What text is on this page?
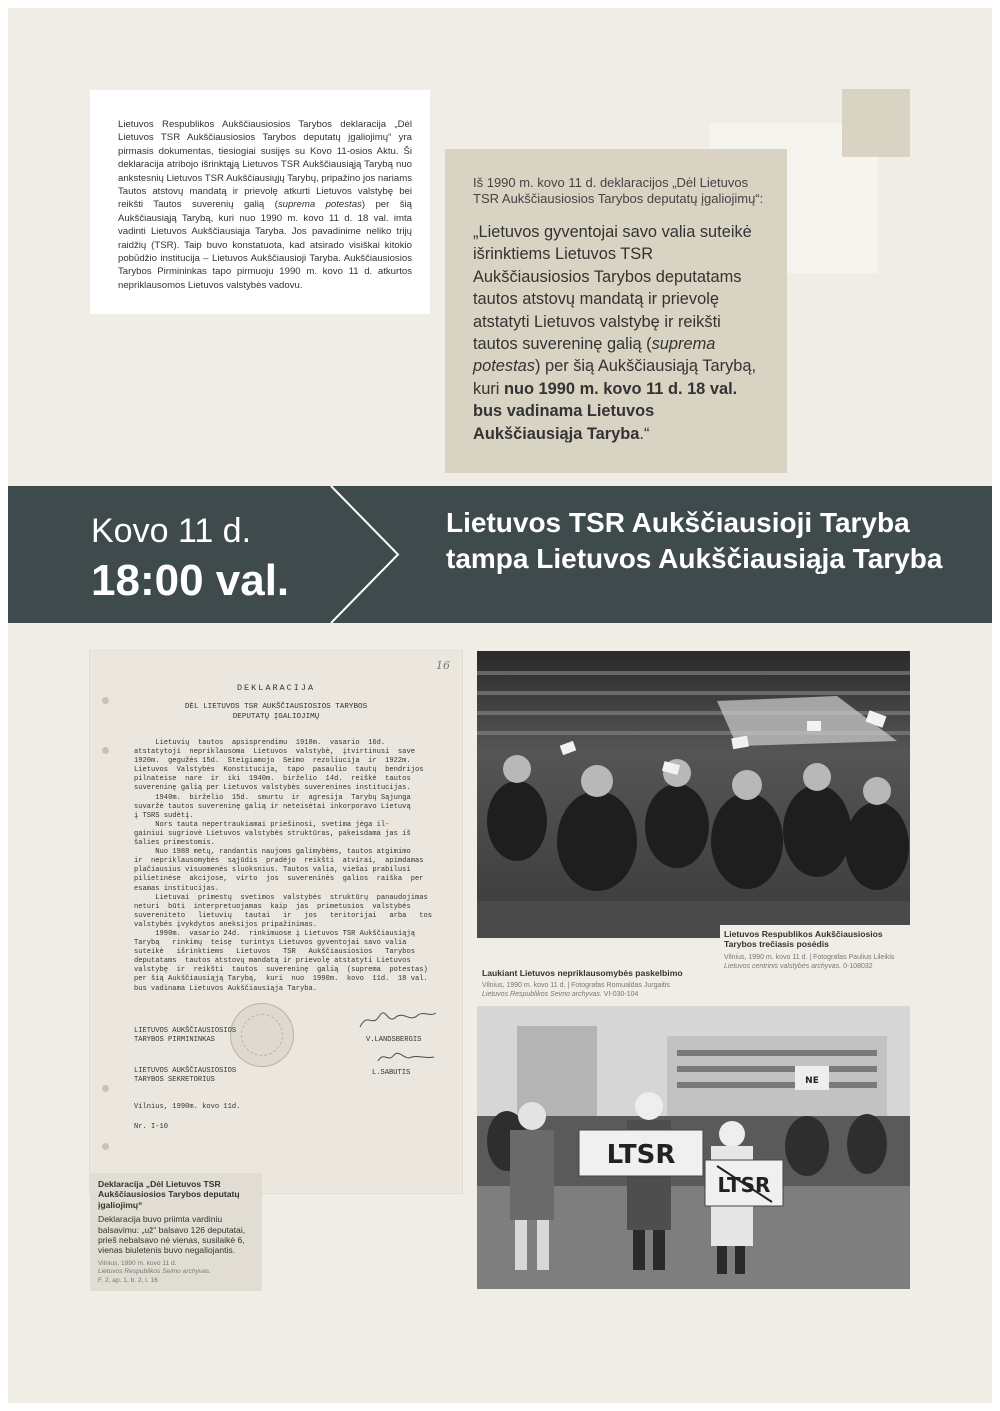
Lietuvos Respublikos Aukščiausiosios Tarybos deklaracija „Dėl Lietuvos TSR Aukščiausiosios Tarybos deputatų įgaliojimų“ yra pirmasis dokumentas, tiesiogiai susijęs su Kovo 11-osios Aktu. Ši deklaracija atribojo išrinktąją Lietuvos TSR Aukščiausiąją Tarybą nuo ankstesnių Lietuvos TSR Aukščiausiųjų Tarybų, pripažino jos nariams Tautos atstovų mandatą ir prievolę atkurti Lietuvos valstybę bei reikšti Tautos suverenių galią (suprema potestas) per šią Aukščiausiąją Tarybą, kuri nuo 1990 m. kovo 11 d. 18 val. imta vadinti Lietuvos Aukščiausiąja Taryba. Jos pavadinime neliko trijų raidžių (TSR). Taip buvo konstatuota, kad atsirado visiškai kitokio pobūdžio institucija – Lietuvos Aukščiausioji Taryba. Aukščiausiosios Tarybos Pirmininkas tapo pirmuoju 1990 m. kovo 11 d. atkurtos nepriklausomos Lietuvos valstybės vadovu.

Iš 1990 m. kovo 11 d. deklaracijos „Dėl Lietuvos TSR Aukščiausiosios Tarybos deputatų įgaliojimų“:

„Lietuvos gyventojai savo valia suteikė išrinktiems Lietuvos TSR Aukščiausiosios Tarybos deputatams tautos atstovų mandatą ir prievolę atstatyti Lietuvos valstybę ir reikšti tautos suvereninę galią (suprema potestas) per šią Aukščiausiąją Tarybą, kuri nuo 1990 m. kovo 11 d. 18 val. bus vadinama Lietuvos Aukščiausiąja Taryba.“

Kovo 11 d.
18:00 val.
Lietuvos TSR Aukščiausioji Taryba tampa Lietuvos Aukščiausiąja Taryba
16
DEKLARACIJA
DĖL LIETUVOS TSR AUKŠČIAUSIOSIOS TARYBOS
DEPUTATŲ ĮGALIOJIMŲ
Lietuvių  tautos  apsisprendimu  1918m.  vasario  16d.
atstatytoji  nepriklausoma  Lietuvos  valstybė,  įtvirtinusi  save
1920m.  gegužės 15d.  Steigiamojo  Seimo  rezoliucija  ir  1922m.
Lietuvos  Valstybės  Konstitucija,  tapo  pasaulio  tautų  bendrijos
pilnateise  nare  ir  iki  1940m.  birželio  14d.  reiškė  tautos
suvereninę galią per Lietuvos valstybės suverenines institucijas.
1940m.  birželio  15d.  smurtu  ir  agresija  Tarybų Sąjunga
suvaržė tautos suvereninę galią ir neteisėtai inkorporavo Lietuvą
į TSRS sudėtį.
Nors tauta nepertraukiamai priešinosi, svetima jėga il-
gainiui sugriovė Lietuvos valstybės struktūras, pakeisdama jas iš
šalies primestomis.
Nuo 1988 metų, randantis naujoms galimybėms, tautos atgimimo
ir  nepriklausomybės  sąjūdis  pradėjo  reikšti  atvirai,  apimdamas
plačiausius visuomenės sluoksnius. Tautos valia, viešai prabilusi
pilietinėse  akcijose,  virto  jos  suvereninės  galios  raiška  per
esamas institucijas.
Lietuvai  primestų  svetimos  valstybės  struktūrų  panaudojimas
neturi  būti  interpretuojamas  kaip  jas  primetusios  valstybės
suvereniteto   lietuvių   tautai   ir   jos   teritorijai   arba   tos
valstybės įvykdytos aneksijos pripažinimas.
1990m.  vasario 24d.  rinkimuose į Lietuvos TSR Aukščiausiąją
Tarybą   rinkimų  teisę  turintys Lietuvos gyventojai savo valia
suteikė   išrinktiems   Lietuvos   TSR   Aukščiausiosios   Tarybos
deputatams  tautos atstovų mandatą ir prievolę atstatyti Lietuvos
valstybę  ir  reikšti  tautos  suvereninę  galią  (suprema  potestas)
per šią Aukščiausiąją Tarybą,  kuri  nuo  1990m.  kovo  11d.  18 val.
bus vadinama Lietuvos Aukščiausiąja Taryba.
LIETUVOS AUKŠČIAUSIOSIOS
TARYBOS PIRMININKAS	V.LANDSBERGIS
LIETUVOS AUKŠČIAUSIOSIOS
TARYBOS SEKRETORIUS
L.SABUTIS
Vilnius, 1990m. kovo 11d.
Nr. I-10

Deklaracija „Dėl Lietuvos TSR Aukščiausiosios Tarybos deputatų įgaliojimų“

Deklaracija buvo priimta vardiniu balsavimu: „už“ balsavo 126 deputatai, prieš nebalsavo nė vienas, susilaikė 6, vienas biuletenis buvo negaliojantis.

Vilnius, 1990 m. kovo 11 d.
Lietuvos Respublikos Seimo archyvas.
F. 2, ap. 1, b. 2, l. 16

Lietuvos Respublikos Aukščiausiosios Tarybos trečiasis posėdis

Vilnius, 1990 m. kovo 11 d. | Fotografas Paulius Lileikis
Lietuvos centrinis valstybės archyvas. 0-108032

Laukiant Lietuvos nepriklausomybės paskelbimo

Vilnius, 1990 m. kovo 11 d. | Fotografas Romualdas Jurgaitis
Lietuvos Respublikos Seimo archyvas. VI-030-104

LTSR
LTSR
NE
